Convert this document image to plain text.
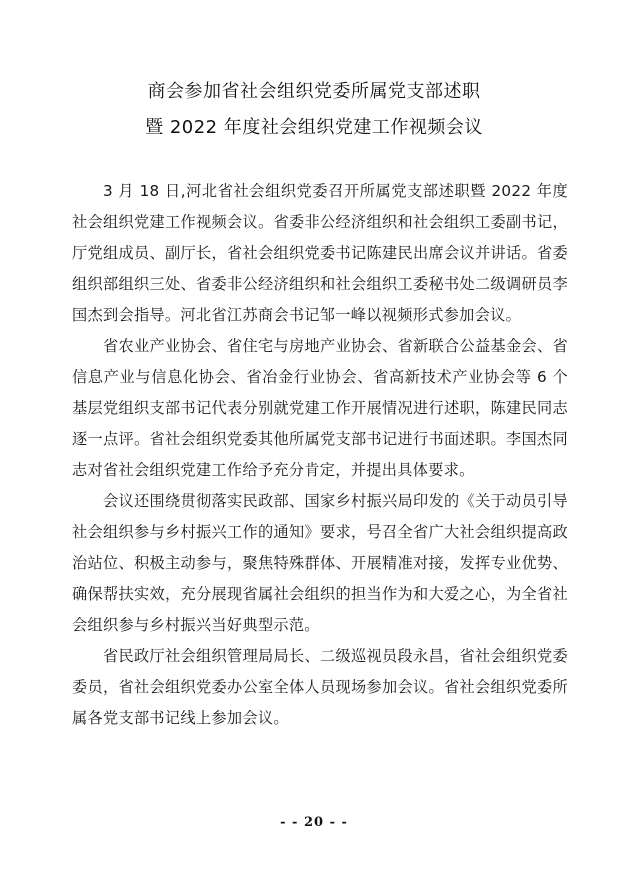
商会参加省社会组织党委所属党支部述职
暨 2022 年度社会组织党建工作视频会议

3 月 18 日,河北省社会组织党委召开所属党支部述职暨 2022 年度社会组织党建工作视频会议。省委非公经济组织和社会组织工委副书记，厅党组成员、副厅长，省社会组织党委书记陈建民出席会议并讲话。省委组织部组织三处、省委非公经济组织和社会组织工委秘书处二级调研员李国杰到会指导。河北省江苏商会书记邹一峰以视频形式参加会议。

省农业产业协会、省住宅与房地产业协会、省新联合公益基金会、省信息产业与信息化协会、省冶金行业协会、省高新技术产业协会等 6 个基层党组织支部书记代表分别就党建工作开展情况进行述职，陈建民同志逐一点评。省社会组织党委其他所属党支部书记进行书面述职。李国杰同志对省社会组织党建工作给予充分肯定，并提出具体要求。

会议还围绕贯彻落实民政部、国家乡村振兴局印发的《关于动员引导社会组织参与乡村振兴工作的通知》要求，号召全省广大社会组织提高政治站位、积极主动参与，聚焦特殊群体、开展精准对接，发挥专业优势、确保帮扶实效，充分展现省属社会组织的担当作为和大爱之心，为全省社会组织参与乡村振兴当好典型示范。

省民政厅社会组织管理局局长、二级巡视员段永昌，省社会组织党委委员，省社会组织党委办公室全体人员现场参加会议。省社会组织党委所属各党支部书记线上参加会议。

- - 20 - -
